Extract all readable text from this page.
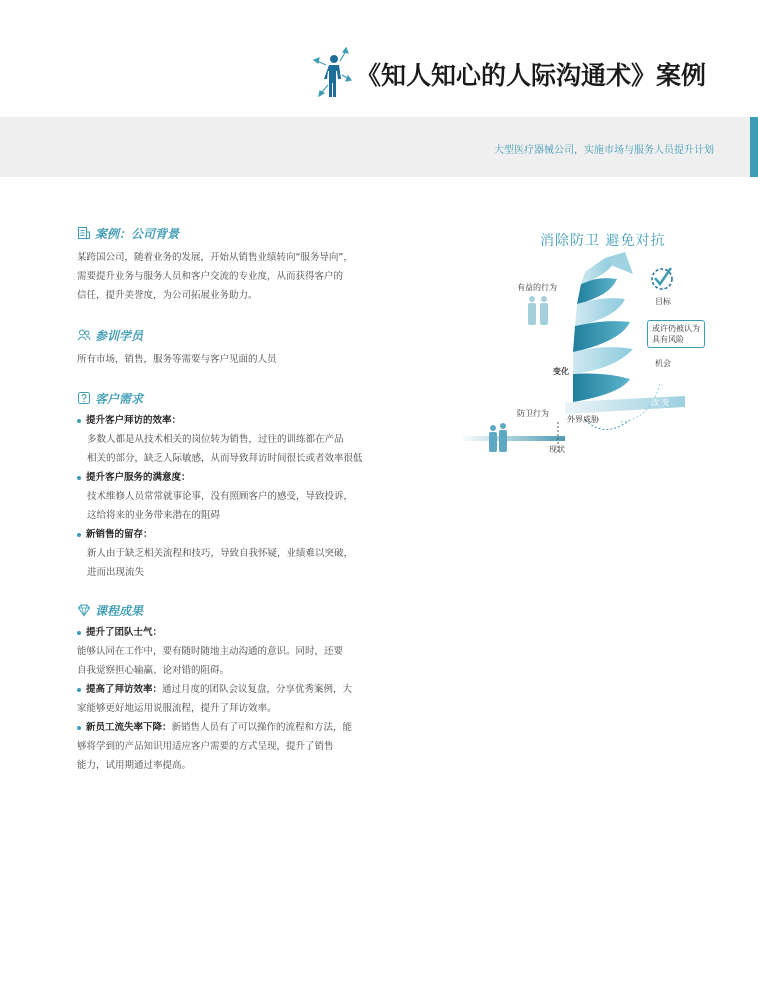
《知人知心的人际沟通术》案例
大型医疗器械公司，实施市场与服务人员提升计划
案例：公司背景
某跨国公司，随着业务的发展，开始从销售业绩转向“服务导向”，
需要提升业务与服务人员和客户交流的专业度，从而获得客户的
信任，提升美誉度，为公司拓展业务助力。
参训学员
所有市场，销售，服务等需要与客户见面的人员
客户需求
提升客户拜访的效率：
多数人都是从技术相关的岗位转为销售，过往的训练都在产品
相关的部分，缺乏人际敏感，从而导致拜访时间很长或者效率很低
提升客户服务的满意度：
技术维修人员常常就事论事，没有照顾客户的感受，导致投诉，
这给将来的业务带来潜在的阻碍
新销售的留存：
新人由于缺乏相关流程和技巧，导致自我怀疑，业绩难以突破，
进而出现流失
课程成果
提升了团队士气：
能够认同在工作中，要有随时随地主动沟通的意识。同时，还要
自我觉察担心输赢、论对错的阻碍。
提高了拜访效率： 通过月度的团队会议复盘，分享优秀案例，大
家能够更好地运用说服流程，提升了拜访效率。
新员工流失率下降： 新销售人员有了可以操作的流程和方法，能
够将学到的产品知识用适应客户需要的方式呈现，提升了销售
能力，试用期通过率提高。
消除防卫 避免对抗
有益的行为
目标
或许仍被认为
具有风险
变化
机会
改 变
防卫行为
外界威胁
现状
